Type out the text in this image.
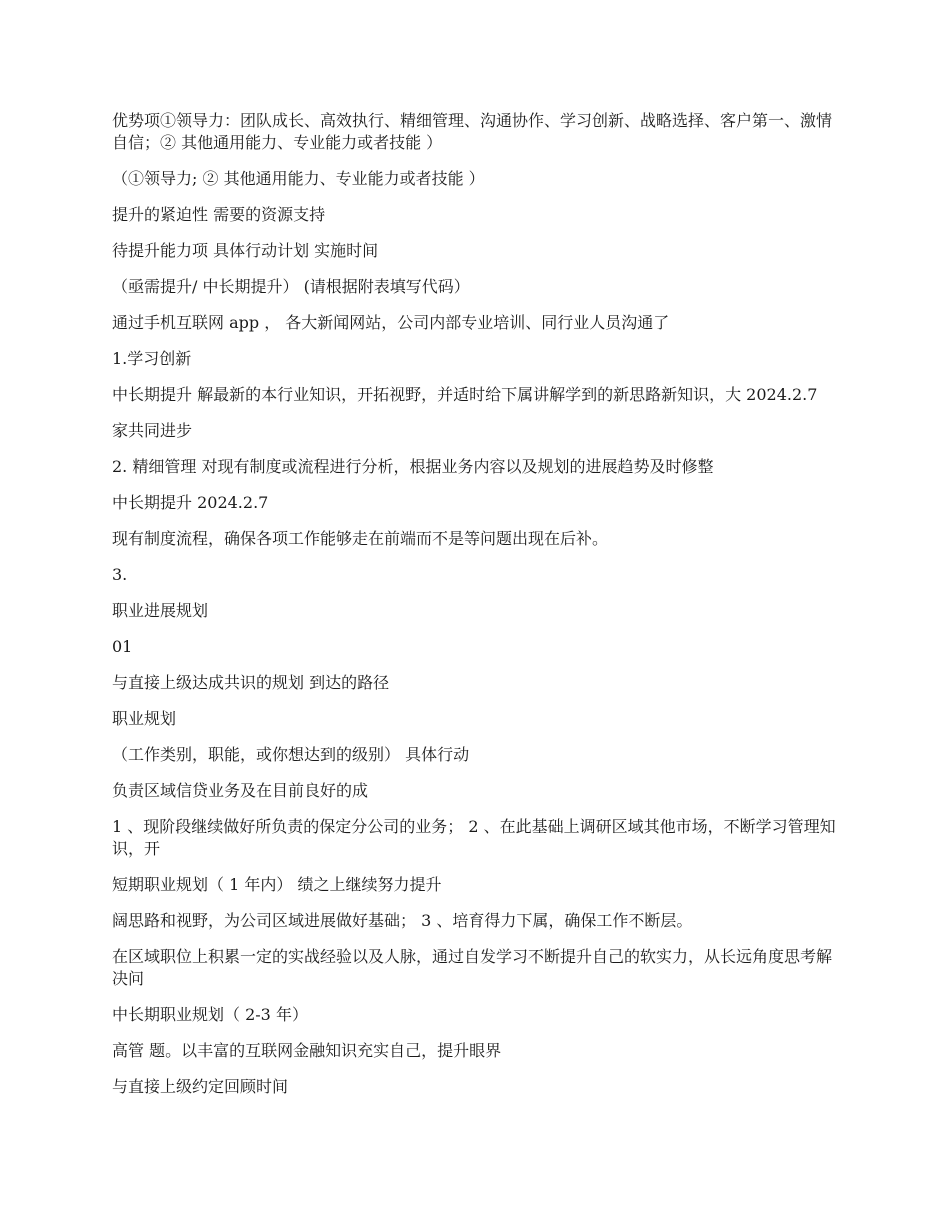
优势项①领导力：团队成长、高效执行、精细管理、沟通协作、学习创新、战略选择、客户第一、激情自信；② 其他通用能力、专业能力或者技能 ）

（①领导力; ② 其他通用能力、专业能力或者技能 ）

提升的紧迫性 需要的资源支持

待提升能力项 具体行动计划 实施时间

（亟需提升/ 中长期提升） (请根据附表填写代码）

通过手机互联网 app ， 各大新闻网站，公司内部专业培训、同行业人员沟通了

1.学习创新

中长期提升 解最新的本行业知识，开拓视野，并适时给下属讲解学到的新思路新知识，大 2024.2.7

家共同进步

2. 精细管理 对现有制度或流程进行分析，根据业务内容以及规划的进展趋势及时修整

中长期提升 2024.2.7

现有制度流程，确保各项工作能够走在前端而不是等问题出现在后补。

3.

职业进展规划

01

与直接上级达成共识的规划 到达的路径

职业规划

（工作类别，职能，或你想达到的级别） 具体行动

负责区域信贷业务及在目前良好的成

1 、现阶段继续做好所负责的保定分公司的业务； 2 、在此基础上调研区域其他市场，不断学习管理知识，开

短期职业规划（ 1 年内） 绩之上继续努力提升

阔思路和视野，为公司区域进展做好基础； 3 、培育得力下属，确保工作不断层。

在区域职位上积累一定的实战经验以及人脉，通过自发学习不断提升自己的软实力，从长远角度思考解决问

中长期职业规划（ 2-3 年）

高管 题。以丰富的互联网金融知识充实自己，提升眼界

与直接上级约定回顾时间
